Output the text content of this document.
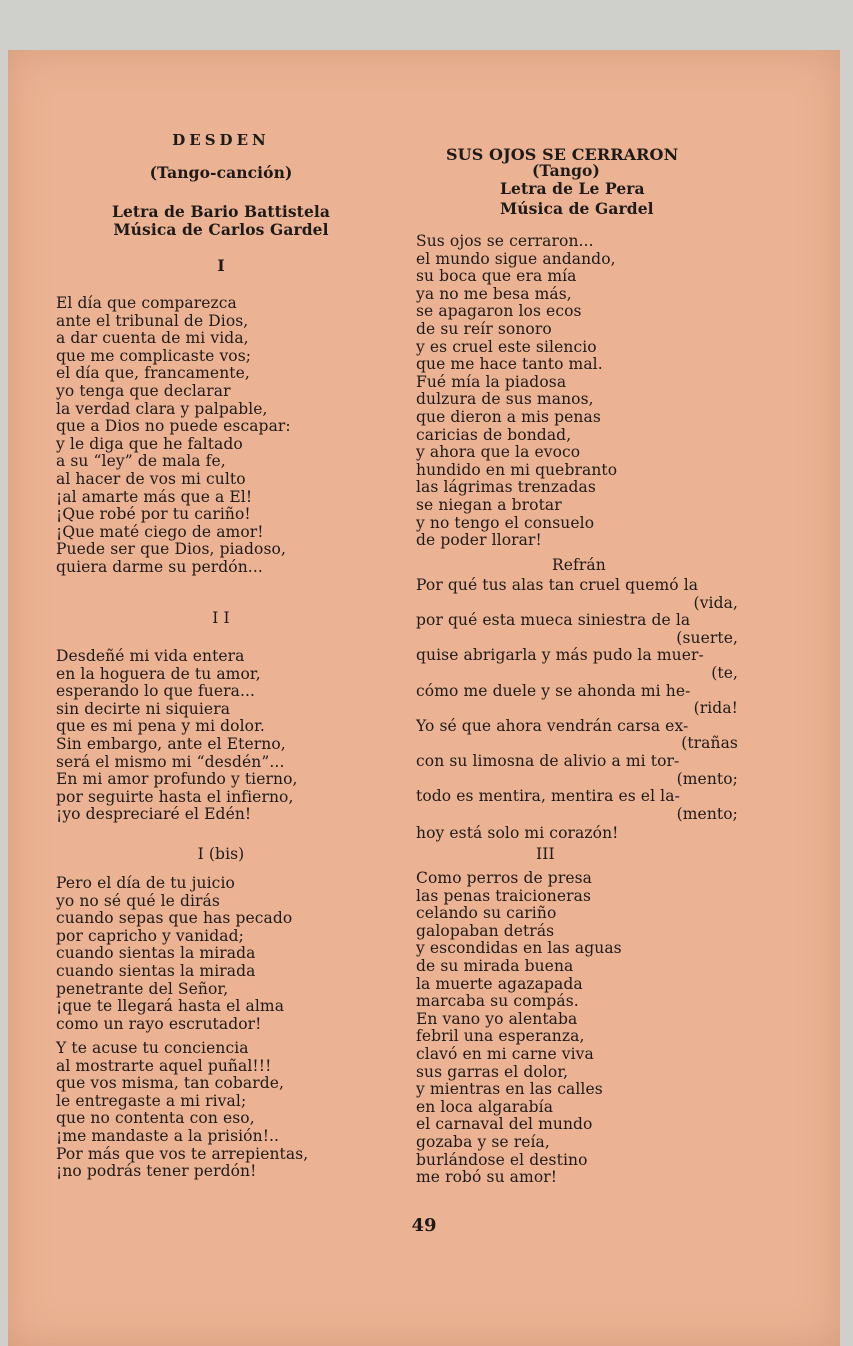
DESDEN
(Tango-canción)
Letra de Bario Battistela
Música de Carlos Gardel
I
El día que comparezca
ante el tribunal de Dios,
a dar cuenta de mi vida,
que me complicaste vos;
el día que, francamente,
yo tenga que declarar
la verdad clara y palpable,
que a Dios no puede escapar:
y le diga que he faltado
a su “ley” de mala fe,
al hacer de vos mi culto
¡al amarte más que a El!
¡Que robé por tu cariño!
¡Que maté ciego de amor!
Puede ser que Dios, piadoso,
quiera darme su perdón...
I I
Desdeñé mi vida entera
en la hoguera de tu amor,
esperando lo que fuera...
sin decirte ni siquiera
que es mi pena y mi dolor.
Sin embargo, ante el Eterno,
será el mismo mi “desdén”...
En mi amor profundo y tierno,
por seguirte hasta el infierno,
¡yo despreciaré el Edén!
I (bis)
Pero el día de tu juicio
yo no sé qué le dirás
cuando sepas que has pecado
por capricho y vanidad;
cuando sientas la mirada
cuando sientas la mirada
penetrante del Señor,
¡que te llegará hasta el alma
como un rayo escrutador!
Y te acuse tu conciencia
al mostrarte aquel puñal!!!
que vos misma, tan cobarde,
le entregaste a mi rival;
que no contenta con eso,
¡me mandaste a la prisión!..
Por más que vos te arrepientas,
¡no podrás tener perdón!
SUS OJOS SE CERRARON
(Tango)
Letra de Le Pera
Música de Gardel
Sus ojos se cerraron...
el mundo sigue andando,
su boca que era mía
ya no me besa más,
se apagaron los ecos
de su reír sonoro
y es cruel este silencio
que me hace tanto mal.
Fué mía la piadosa
dulzura de sus manos,
que dieron a mis penas
caricias de bondad,
y ahora que la evoco
hundido en mi quebranto
las lágrimas trenzadas
se niegan a brotar
y no tengo el consuelo
de poder llorar!
Refrán
Por qué tus alas tan cruel quemó la
(vida,
por qué esta mueca siniestra de la
(suerte,
quise abrigarla y más pudo la muer-
(te,
cómo me duele y se ahonda mi he-
(rida!
Yo sé que ahora vendrán carsa ex-
(trañas
con su limosna de alivio a mi tor-
(mento;
todo es mentira, mentira es el la-
(mento;
hoy está solo mi corazón!
III
Como perros de presa
las penas traicioneras
celando su cariño
galopaban detrás
y escondidas en las aguas
de su mirada buena
la muerte agazapada
marcaba su compás.
En vano yo alentaba
febril una esperanza,
clavó en mi carne viva
sus garras el dolor,
y mientras en las calles
en loca algarabía
el carnaval del mundo
gozaba y se reía,
burlándose el destino
me robó su amor!
49
